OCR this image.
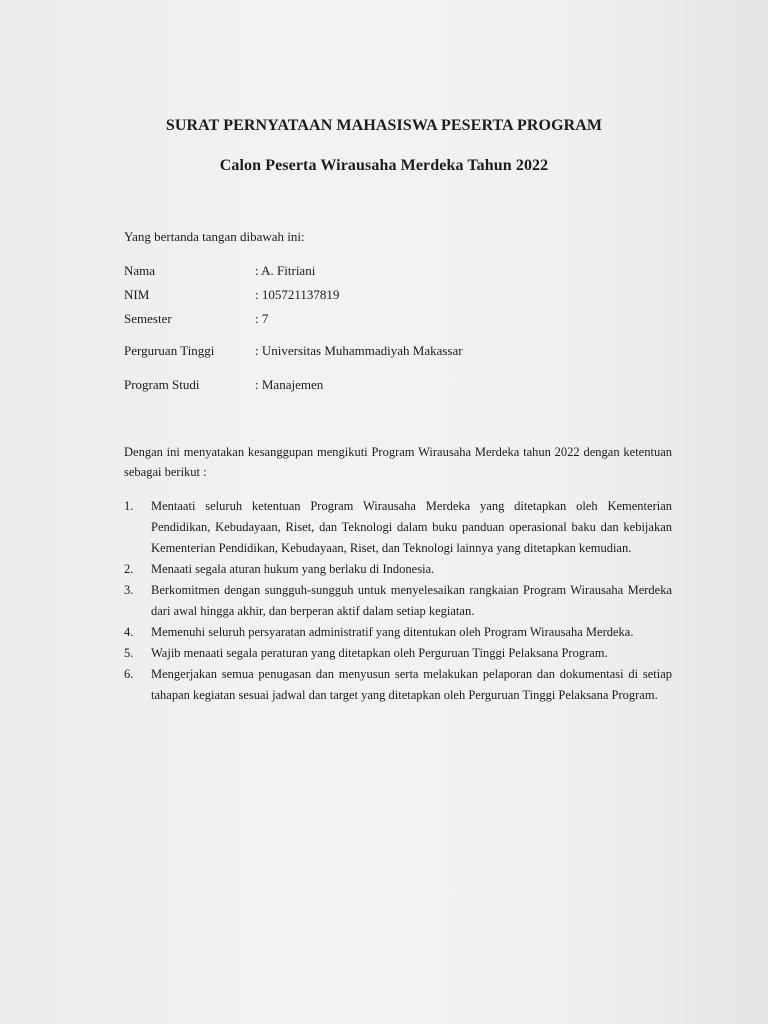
SURAT PERNYATAAN MAHASISWA PESERTA PROGRAM
Calon Peserta Wirausaha Merdeka Tahun 2022
Yang bertanda tangan dibawah ini:
Nama	: A. Fitriani
NIM	: 105721137819
Semester	: 7
Perguruan Tinggi	: Universitas Muhammadiyah Makassar
Program Studi	: Manajemen
Dengan ini menyatakan kesanggupan mengikuti Program Wirausaha Merdeka tahun 2022 dengan ketentuan sebagai berikut :
1. Mentaati seluruh ketentuan Program Wirausaha Merdeka yang ditetapkan oleh Kementerian Pendidikan, Kebudayaan, Riset, dan Teknologi dalam buku panduan operasional baku dan kebijakan Kementerian Pendidikan, Kebudayaan, Riset, dan Teknologi lainnya yang ditetapkan kemudian.
2. Menaati segala aturan hukum yang berlaku di Indonesia.
3. Berkomitmen dengan sungguh-sungguh untuk menyelesaikan rangkaian Program Wirausaha Merdeka dari awal hingga akhir, dan berperan aktif dalam setiap kegiatan.
4. Memenuhi seluruh persyaratan administratif yang ditentukan oleh Program Wirausaha Merdeka.
5. Wajib menaati segala peraturan yang ditetapkan oleh Perguruan Tinggi Pelaksana Program.
6. Mengerjakan semua penugasan dan menyusun serta melakukan pelaporan dan dokumentasi di setiap tahapan kegiatan sesuai jadwal dan target yang ditetapkan oleh Perguruan Tinggi Pelaksana Program.
